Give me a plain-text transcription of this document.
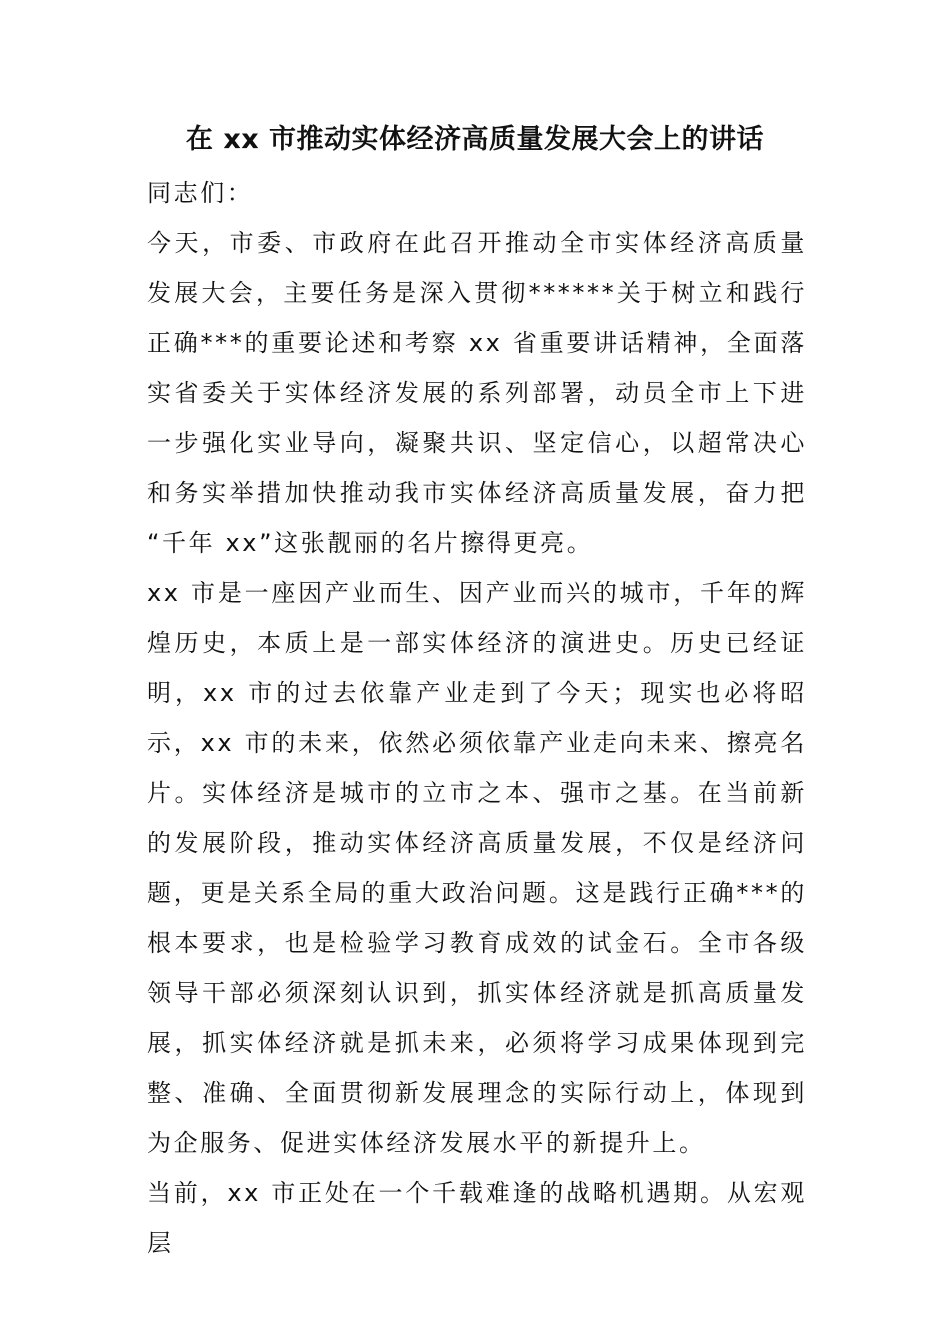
在 xx 市推动实体经济高质量发展大会上的讲话

同志们：

今天，市委、市政府在此召开推动全市实体经济高质量发展大会，主要任务是深入贯彻******关于树立和践行正确***的重要论述和考察 xx 省重要讲话精神，全面落实省委关于实体经济发展的系列部署，动员全市上下进一步强化实业导向，凝聚共识、坚定信心，以超常决心和务实举措加快推动我市实体经济高质量发展，奋力把 “千年 xx”这张靓丽的名片擦得更亮。

xx 市是一座因产业而生、因产业而兴的城市，千年的辉煌历史，本质上是一部实体经济的演进史。历史已经证明，xx 市的过去依靠产业走到了今天；现实也必将昭示，xx 市的未来，依然必须依靠产业走向未来、擦亮名片。实体经济是城市的立市之本、强市之基。在当前新的发展阶段，推动实体经济高质量发展，不仅是经济问题，更是关系全局的重大政治问题。这是践行正确***的根本要求，也是检验学习教育成效的试金石。全市各级领导干部必须深刻认识到，抓实体经济就是抓高质量发展，抓实体经济就是抓未来，必须将学习成果体现到完整、准确、全面贯彻新发展理念的实际行动上，体现到为企服务、促进实体经济发展水平的新提升上。

当前，xx 市正处在一个千载难逢的战略机遇期。从宏观层
